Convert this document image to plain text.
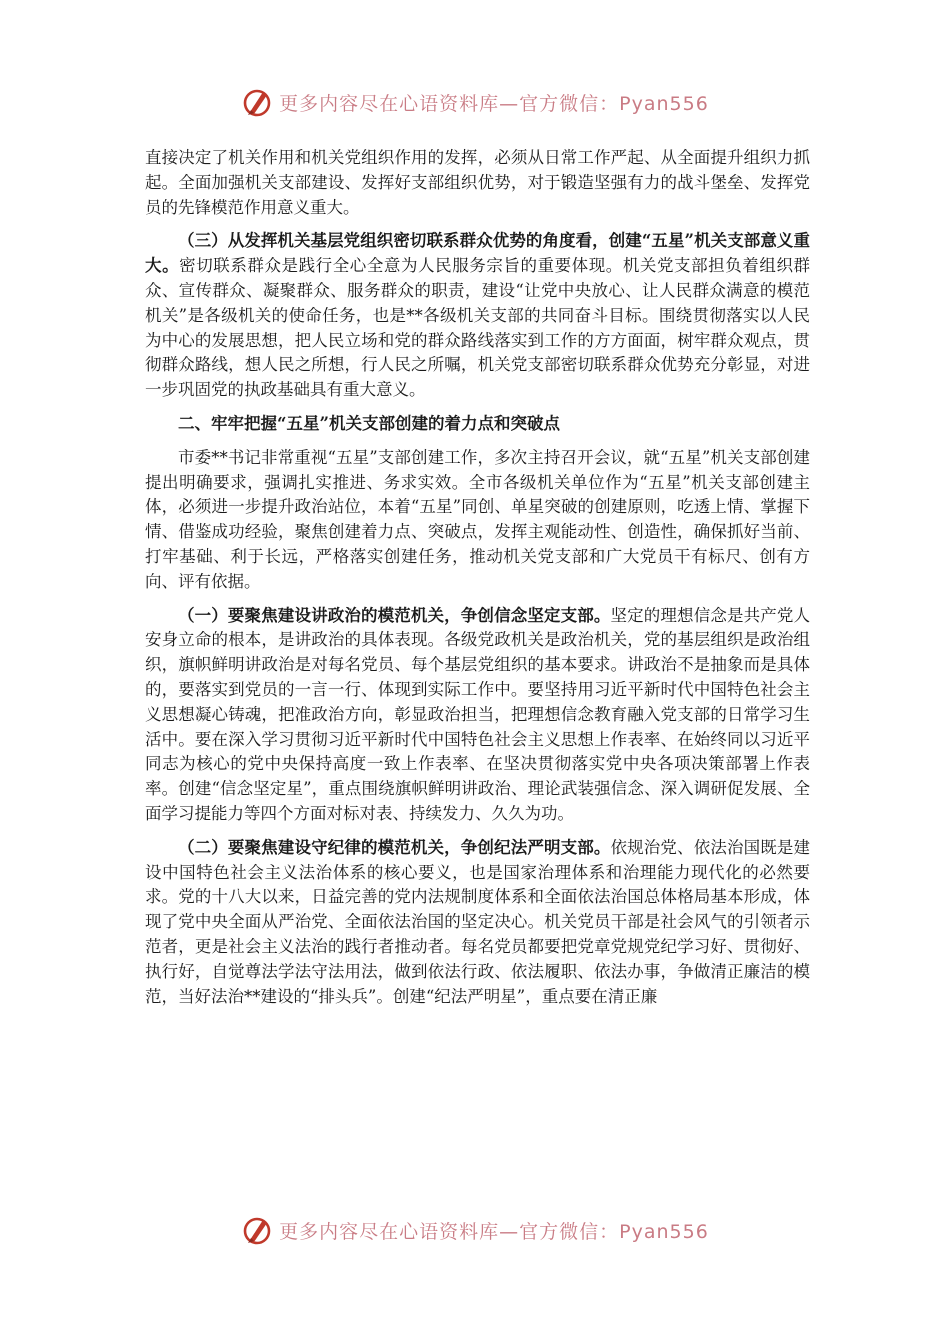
更多内容尽在心语资料库—官方微信：Pyan556

直接决定了机关作用和机关党组织作用的发挥，必须从日常工作严起、从全面提升组织力抓起。全面加强机关支部建设、发挥好支部组织优势，对于锻造坚强有力的战斗堡垒、发挥党员的先锋模范作用意义重大。

（三）从发挥机关基层党组织密切联系群众优势的角度看，创建“五星”机关支部意义重大。密切联系群众是践行全心全意为人民服务宗旨的重要体现。机关党支部担负着组织群众、宣传群众、凝聚群众、服务群众的职责，建设“让党中央放心、让人民群众满意的模范机关”是各级机关的使命任务，也是**各级机关支部的共同奋斗目标。围绕贯彻落实以人民为中心的发展思想，把人民立场和党的群众路线落实到工作的方方面面，树牢群众观点，贯彻群众路线，想人民之所想，行人民之所嘱，机关党支部密切联系群众优势充分彰显，对进一步巩固党的执政基础具有重大意义。

二、牢牢把握“五星”机关支部创建的着力点和突破点

市委**书记非常重视“五星”支部创建工作，多次主持召开会议，就“五星”机关支部创建提出明确要求，强调扎实推进、务求实效。全市各级机关单位作为“五星”机关支部创建主体，必须进一步提升政治站位，本着“五星”同创、单星突破的创建原则，吃透上情、掌握下情、借鉴成功经验，聚焦创建着力点、突破点，发挥主观能动性、创造性，确保抓好当前、打牢基础、利于长远，严格落实创建任务，推动机关党支部和广大党员干有标尺、创有方向、评有依据。

（一）要聚焦建设讲政治的模范机关，争创信念坚定支部。坚定的理想信念是共产党人安身立命的根本，是讲政治的具体表现。各级党政机关是政治机关，党的基层组织是政治组织，旗帜鲜明讲政治是对每名党员、每个基层党组织的基本要求。讲政治不是抽象而是具体的，要落实到党员的一言一行、体现到实际工作中。要坚持用习近平新时代中国特色社会主义思想凝心铸魂，把准政治方向，彰显政治担当，把理想信念教育融入党支部的日常学习生活中。要在深入学习贯彻习近平新时代中国特色社会主义思想上作表率、在始终同以习近平同志为核心的党中央保持高度一致上作表率、在坚决贯彻落实党中央各项决策部署上作表率。创建“信念坚定星”，重点围绕旗帜鲜明讲政治、理论武装强信念、深入调研促发展、全面学习提能力等四个方面对标对表、持续发力、久久为功。

（二）要聚焦建设守纪律的模范机关，争创纪法严明支部。依规治党、依法治国既是建设中国特色社会主义法治体系的核心要义，也是国家治理体系和治理能力现代化的必然要求。党的十八大以来，日益完善的党内法规制度体系和全面依法治国总体格局基本形成，体现了党中央全面从严治党、全面依法治国的坚定决心。机关党员干部是社会风气的引领者示范者，更是社会主义法治的践行者推动者。每名党员都要把党章党规党纪学习好、贯彻好、执行好，自觉尊法学法守法用法，做到依法行政、依法履职、依法办事，争做清正廉洁的模范，当好法治**建设的“排头兵”。创建“纪法严明星”，重点要在清正廉

更多内容尽在心语资料库—官方微信：Pyan556
